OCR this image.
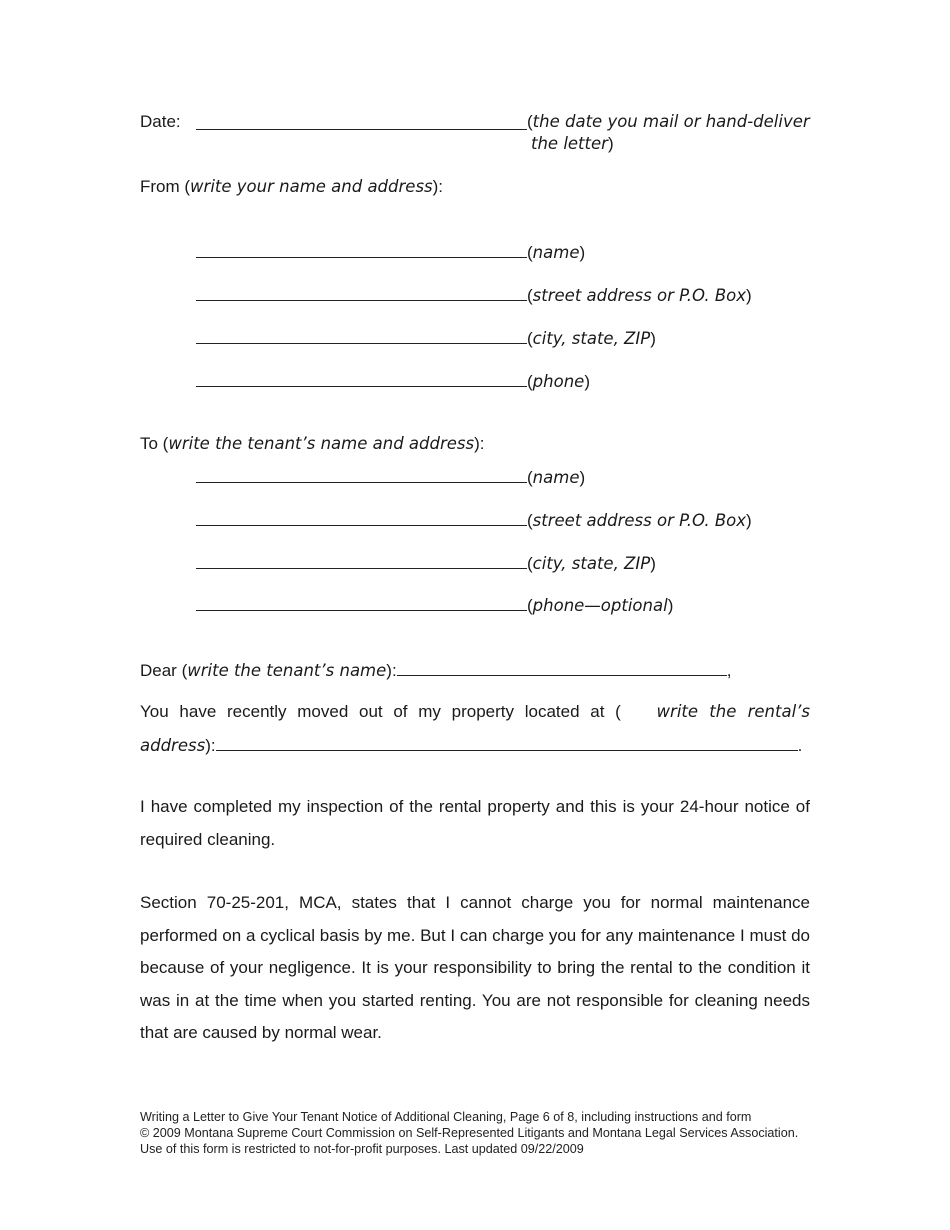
Date:	(the date you mail or hand-deliver
the letter)
From (write your name and address):
(name)
(street address or P.O. Box)
(city, state, ZIP)
(phone)
To (write the tenant’s name and address):
(name)
(street address or P.O. Box)
(city, state, ZIP)
(phone—optional)
Dear (write the tenant’s name):	,
You have recently moved out of my property located at ( write the rental’s
address):	.
I have completed my inspection of the rental property and this is your 24-hour notice of required cleaning.
Section 70-25-201, MCA, states that I cannot charge you for normal maintenance performed on a cyclical basis by me. But I can charge you for any maintenance I must do because of your negligence. It is your responsibility to bring the rental to the condition it was in at the time when you started renting. You are not responsible for cleaning needs that are caused by normal wear.
Writing a Letter to Give Your Tenant Notice of Additional Cleaning, Page 6 of 8, including instructions and form
© 2009 Montana Supreme Court Commission on Self-Represented Litigants and Montana Legal Services Association. Use of this form is restricted to not-for-profit purposes. Last updated 09/22/2009
